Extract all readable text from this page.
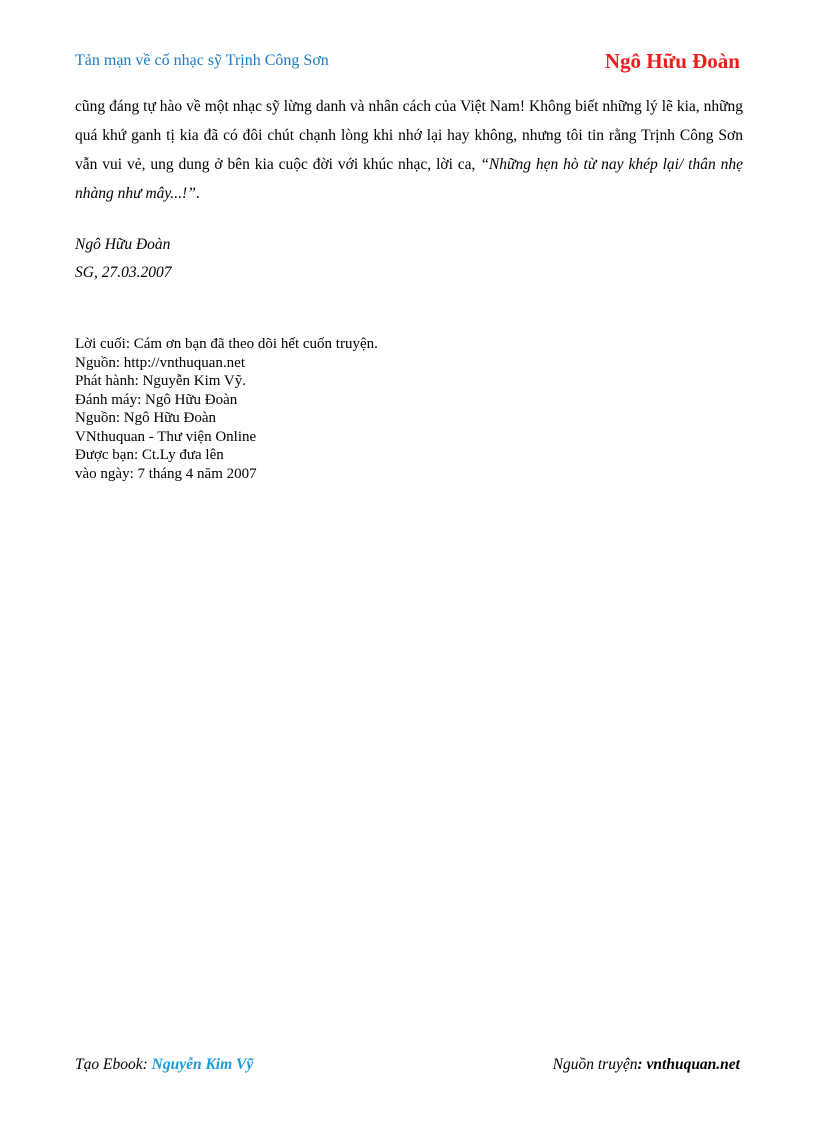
Tản mạn về cố nhạc sỹ Trịnh Công Sơn	Ngô Hữu Đoàn
cũng đáng tự hào về một nhạc sỹ lừng danh và nhân cách của Việt Nam! Không biết những lý lẽ kia, những quá khứ ganh tị kia đã có đôi chút chạnh lòng khi nhớ lại hay không, nhưng tôi tin rằng Trịnh Công Sơn vẫn vui vẻ, ung dung ở bên kia cuộc đời với khúc nhạc, lời ca, “Những hẹn hò từ nay khép lại/ thân nhẹ nhàng như mây...!”.
Ngô Hữu Đoàn
SG, 27.03.2007
Lời cuối: Cám ơn bạn đã theo dõi hết cuốn truyện.
Nguồn: http://vnthuquan.net
Phát hành: Nguyễn Kim Vỹ.
Đánh máy: Ngô Hữu Đoàn
Nguồn: Ngô Hữu Đoàn
VNthuquan - Thư viện Online
Được bạn: Ct.Ly đưa lên
vào ngày: 7 tháng 4 năm 2007
Tạo Ebook: Nguyễn Kim Vỹ	Nguồn truyện: vnthuquan.net
